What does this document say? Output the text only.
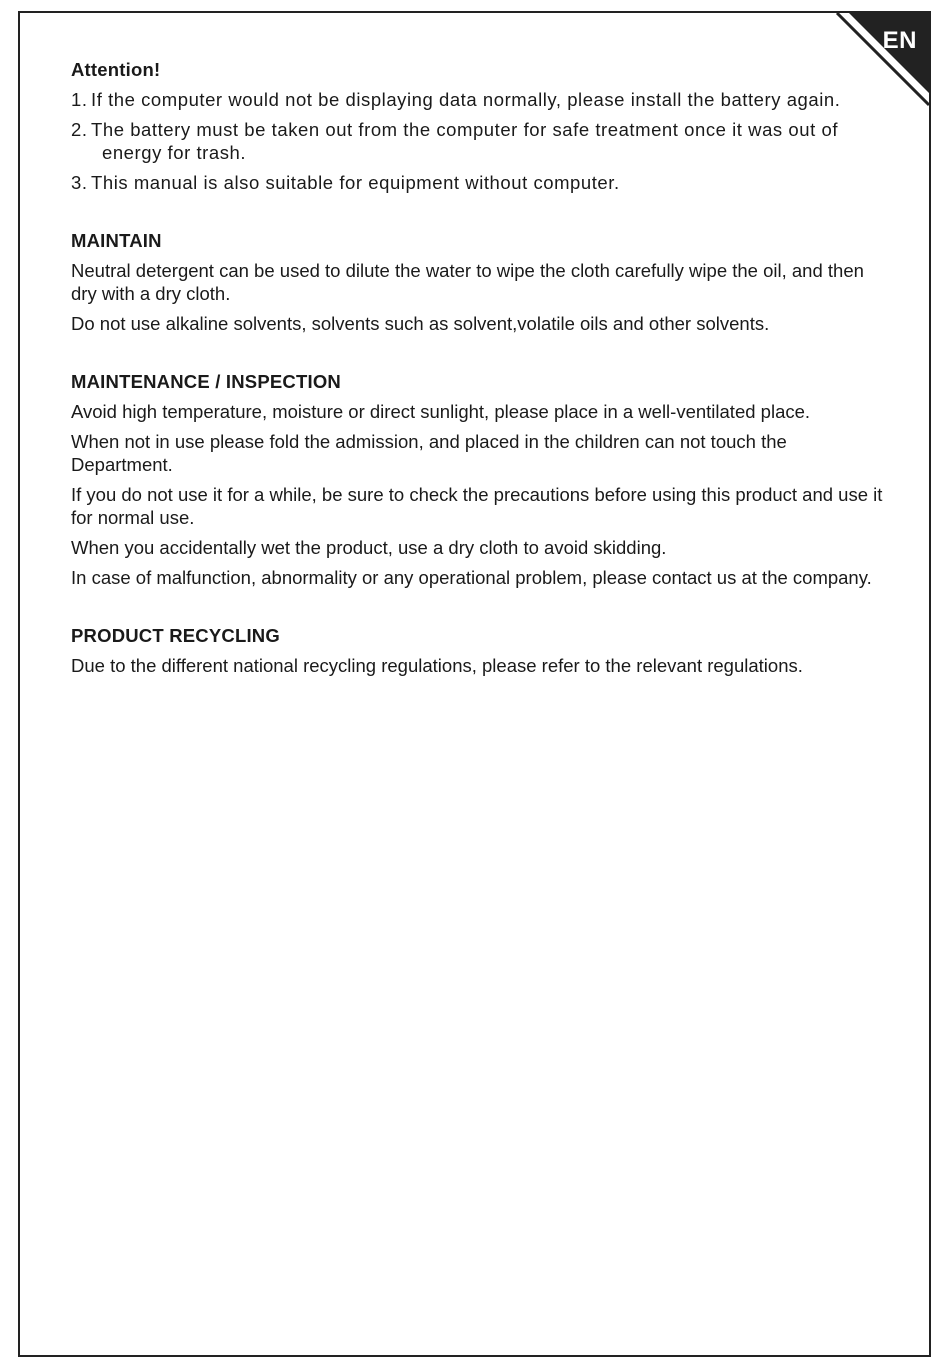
EN
Attention!
1. If the computer would not be displaying data normally, please install the battery again.
2. The battery must be taken out from the computer for safe treatment once it was out of energy for trash.
3. This manual is also suitable for equipment without computer.
MAINTAIN

Neutral detergent can be used to dilute the water to wipe the cloth carefully wipe the oil, and then dry with a dry cloth.

Do not use alkaline solvents, solvents such as solvent,volatile oils and other solvents.

MAINTENANCE / INSPECTION

Avoid high temperature, moisture or direct sunlight, please place in a well-ventilated place.

When not in use please fold the admission, and placed in the children can not touch the Department.

If you do not use it for a while, be sure to check the precautions before using this product and use it for normal use.

When you accidentally wet the product, use a dry cloth to avoid skidding.

In case of malfunction, abnormality or any operational problem, please contact us at the company.

PRODUCT RECYCLING

Due to the different national recycling regulations, please refer to the relevant regulations.
